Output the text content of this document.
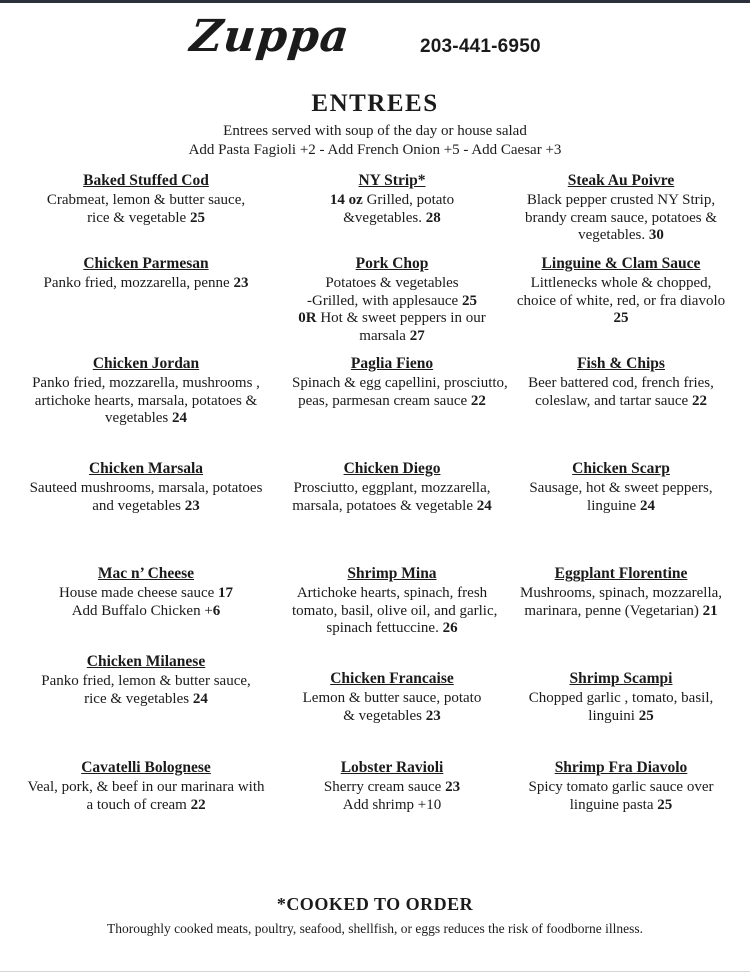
Zuppa	203-441-6950
ENTREES
Entrees served with soup of the day or house salad
Add Pasta Fagioli +2 - Add French Onion +5 - Add Caesar +3
Baked Stuffed Cod
Crabmeat, lemon & butter sauce,
rice & vegetable 25
NY Strip*
14 oz Grilled, potato
&vegetables. 28
Steak Au Poivre
Black pepper crusted NY Strip,
brandy cream sauce, potatoes &
vegetables. 30
Chicken Parmesan
Panko fried, mozzarella, penne 23
Pork Chop
Potatoes & vegetables
-Grilled, with applesauce 25
0R Hot & sweet peppers in our
marsala 27
Linguine & Clam Sauce
Littlenecks whole & chopped,
choice of white, red, or fra diavolo
25
Chicken Jordan
Panko fried, mozzarella, mushrooms ,
artichoke hearts, marsala, potatoes &
vegetables 24
Paglia Fieno
Spinach & egg capellini, prosciutto,
peas, parmesan cream sauce 22
Fish & Chips
Beer battered cod, french fries,
coleslaw, and tartar sauce 22
Chicken Marsala
Sauteed mushrooms, marsala, potatoes
and vegetables 23
Chicken Diego
Prosciutto, eggplant, mozzarella,
marsala, potatoes & vegetable 24
Chicken Scarp
Sausage, hot & sweet peppers,
linguine 24
Mac n’ Cheese
House made cheese sauce 17
Add Buffalo Chicken +6
Shrimp Mina
Artichoke hearts, spinach, fresh
tomato, basil, olive oil, and garlic,
spinach fettuccine. 26
Eggplant Florentine
Mushrooms, spinach, mozzarella,
marinara, penne (Vegetarian) 21
Chicken Milanese
Panko fried, lemon & butter sauce,
rice & vegetables 24
Chicken Francaise
Lemon & butter sauce, potato
& vegetables 23
Shrimp Scampi
Chopped garlic , tomato, basil,
linguini 25
Cavatelli Bolognese
Veal, pork, & beef in our marinara with
a touch of cream 22
Lobster Ravioli
Sherry cream sauce 23
Add shrimp +10
Shrimp Fra Diavolo
Spicy tomato garlic sauce over
linguine pasta 25
*COOKED TO ORDER
Thoroughly cooked meats, poultry, seafood, shellfish, or eggs reduces the risk of foodborne illness.
